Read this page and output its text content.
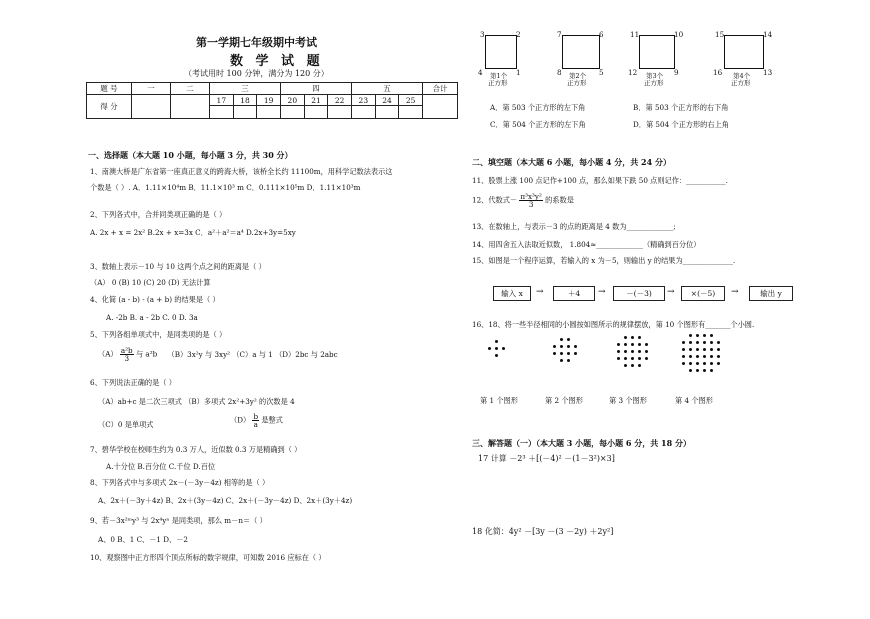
第一学期七年级期中考试
数 学 试 题
（考试用时 100 分钟，满分为 120 分）
题 号	一	二	三			四			五			合计
得 分			17	18	19	20	21	22	23	24	25	

一、选择题（本大题 10 小题，每小题 3 分，共 30 分）
1、南澳大桥是广东省第一座真正意义的跨海大桥，该桥全长约 11100m，用科学记数法表示这
个数是（ ）. A．1.11×10⁴m B．11.1×10³ m C．0.111×10⁵m D．1.11×10³m
2、下列各式中，合并同类项正确的是（ ）
A. 2x + x = 2x² B.2x + x=3x C．a²＋a²＝a⁴ D.2x+3y=5xy
3、数轴上表示－10 与 10 这两个点之间的距离是（ ）
（A） 0 (B) 10 (C) 20 (D) 无法计算
4、化简 (a - b) - (a + b) 的结果是（ ）
A. -2b B. a - 2b C. 0 D. 3a
5、下列各组单项式中，是同类项的是（ ）
$(A) \frac{\text{a²b}}{3}$ 与 a²b （B）3x²y 与 3xy² （C）a 与 1 （D）2bc 与 2abc
6、下列说法正确的是（ ）
（A）ab+c 是二次三项式 （B）多项式 2x²+3y² 的次数是 4
（C）0 是单项式	$(D) \frac{b}{a}$ 是整式
7、碧华学校在校师生约为 0.3 万人，近似数 0.3 万是精确到（ ）
A.十分位 B.百分位 C.千位 D.百位
8、下列各式中与多项式 2x－(－3y－4z) 相等的是（ ）
A、2x＋(－3y＋4z) B、2x＋(3y－4z) C、2x＋(－3y－4z) D、2x＋(3y＋4z)
9、若－3x²ᵐy³ 与 2x⁴yⁿ 是同类项，那么 m－n＝（ ）
A、0 B、1 C、－1 D、－2
10、观察图中正方形四个顶点所标的数字规律，可知数 2016 应标在（ ）
3	2
4	1
第1个
正方形
7	6
8	5
第2个
正方形
11	10
12	9
第3个
正方形
15	14
16	13
第4个
正方形
A．第 503 个正方形的左下角	B．第 503 个正方形的右下角
C．第 504 个正方形的左下角	D．第 504 个正方形的右上角
二、填空题（本大题 6 小题，每小题 4 分，共 24 分）
11、股票上涨 100 点记作+100 点，那么如果下跌 50 点则记作：___________.
12、代数式－ $\frac{\text{π³x³y²}}{3}$ 的系数是
13、在数轴上，与表示－3 的点的距离是 4 数为_____________;
14、用四舍五入法取近似数， 1.804≈_____________（精确到百分位）
15、如图是一个程序运算，若输入的 x 为－5，则输出 y 的结果为______________.
输入 x	→	＋4	→	－(－3)	→	×(－5)	→	输出 y
16、18、将一些半径相同的小圆按如图所示的规律摆放，第 10 个图形有_______个小圆.
第 1 个图形	第 2 个图形	第 3 个图形	第 4 个图形
三、解答题（一）（本大题 3 小题，每小题 6 分，共 18 分）
17 计算 －2³ ＋[(－4)² －(1－3²)×3]
18 化简：4y² －[3y －(3 －2y) ＋2y²]
